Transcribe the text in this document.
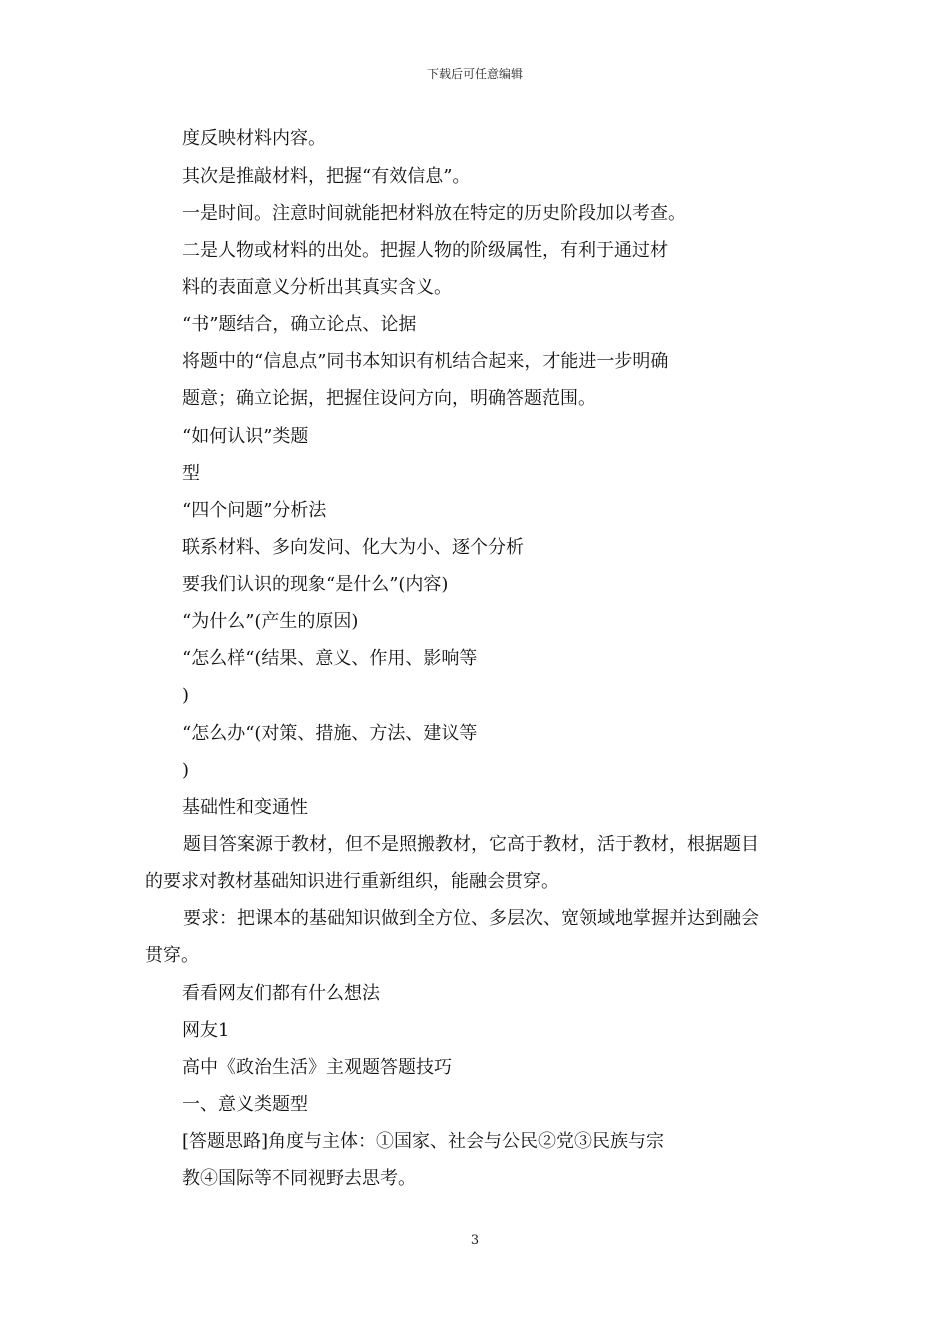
下载后可任意编辑
度反映材料内容。
其次是推敲材料，把握“有效信息”。
一是时间。注意时间就能把材料放在特定的历史阶段加以考查。
二是人物或材料的出处。把握人物的阶级属性，有利于通过材
料的表面意义分析出其真实含义。
“书”题结合，确立论点、论据
将题中的“信息点”同书本知识有机结合起来，才能进一步明确
题意；确立论据，把握住设问方向，明确答题范围。
“如何认识”类题
型
“四个问题”分析法
联系材料、多向发问、化大为小、逐个分析
要我们认识的现象“是什么”(内容)
“为什么”(产生的原因)
“怎么样“(结果、意义、作用、影响等
)
“怎么办“(对策、措施、方法、建议等
)
基础性和变通性
题目答案源于教材，但不是照搬教材，它高于教材，活于教材，根据题目
的要求对教材基础知识进行重新组织，能融会贯穿。
要求：把课本的基础知识做到全方位、多层次、宽领域地掌握并达到融会
贯穿。
看看网友们都有什么想法
网友1
高中《政治生活》主观题答题技巧
一、意义类题型
[答题思路]角度与主体：①国家、社会与公民②党③民族与宗
教④国际等不同视野去思考。
3
